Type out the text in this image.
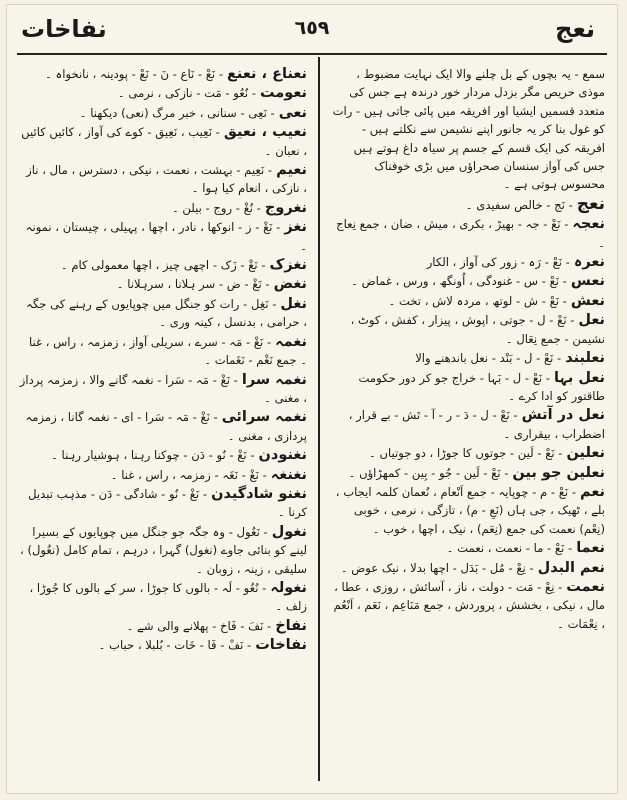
نفاخات	٦٥٩	نعج
سمع - یہ بچوں کے بل چلنے والا ایک نہایت مضبوط ، موذی حریص مگر بزدل مردار خور درندہ ہے جس کی متعدد قسمیں ایشیا اور افریقہ میں پائی جاتی ہیں - رات کو غول بنا کر یہ جانور اپنے نشیمن سے نکلتے ہیں - افریقہ کی ایک قسم کے جسم پر سیاہ داغ ہوتے ہیں جس کی آواز سنسان صحراؤں میں بڑی خوفناک محسوس ہوتی ہے ۔
نعج- نَج - خالص سفیدی ۔
نعجہ- نَعْ - جہ - بھیڑ ، بکری ، میش ، ضان ، جمع نِعاج ۔
نعرہ- نَعْ - رَہ - زور کی آواز ، الکار
نعس- نَعْ - س - غنودگی ، اُونگھ ، ورس ، غماض ۔
نعش- نَعْ - ش - لوتھ ، مردہ لاش ، تخت ۔
نعل- نَعْ - ل - جوتی ، اپوش ، پیزار ، کفش ، کوٹ ، نشیمن - جمع نِعَال ۔
نعلبند- نَعْ - ل - بَنْد - نعل باندھنے والا
نعل بہا- نَعْ - ل - بَہا - خراج جو کر دور حکومت طاقتور کو ادا کرے ۔
نعل در آتش- نَعْ - ل - دَ - ر - آ - تَش - بے قرار ، اضطراب ، بیقراری ۔
نعلین- نَعْ - لَین - جوتوں کا جوڑا ، دو جوتیاں ۔
نعلین جو بین- نَعْ - لَین - جُو - بِین - کمھڑاؤں ۔
نعم- نَعْ - م - چوپایہ - جمع اَنْعام ، نُعمان کلمہ ایجاب ، بلے ، ٹھیک ، جی ہاں (نَعِ - م) ، تازگی ، نرمی ، خوبی (نِعْم) نعمت کی جمع (نِعَم) ، نیک ، اچھا ، خوب ۔
نعما- نَعْ - ما - نعمت ، نعمت ۔
نعم البدل- نِعْ - مُل - بَدَل - اچھا بدلا ، نیک عوض ۔
نعمت- نِعْ - مَت - دولت ، ناز ، آسائش ، روزی ، عطا ، مال ، نیکی ، بخشش ، پروردش ، جمع مَنَاعِم ، نَعَم ، اَنْعُم ، نِعْمَات ۔
نعناع ، نعنع- نَعْ - نَاع - نَ - نَعْ - پودینہ ، نانخواہ ۔
نعومت- نُعُو - مَت - نازکی ، نرمی ۔
نعی- نَعِی - سنانی ، خبر مرگ (نعی) دیکھنا ۔
نعیب ، نعیق- نَعِیب ، نَعِیق - کوے کی آواز ، کائیں کائیں ، نعبان ۔
نعیم- نَعِیم - بہشت ، نعمت ، نیکی ، دسترس ، مال ، ناز ، نازکی ، انعام کیا ہوا ۔
نغروج- نُغْ - روج - بیلن ۔
نغز- نَغْ - ز - انوکھا ، نادر ، اچھا ، پہیلی ، چیستان ، نمونہ ۔
نغزک- نَغْ - زَک - اچھی چیز ، اچھا معمولی کام ۔
نغض- نَغْ - ض - سر ہلانا ، سرہلانا ۔
نغل- نَغِل - رات کو جنگل میں چوپایوں کے رہنے کی جگہ ، حرامی ، بدنسل ، کینہ وری ۔
نغمہ- نَغْ - مَہ - سرے ، سریلی آواز ، زمزمہ ، راس ، غنا ۔ جمع نَغْم - نَغَمات ۔
نغمہ سرا- نَغْ - مَہ - سَرا - نغمہ گانے والا ، زمزمہ پرداز ، مغنی ۔
نغمہ سرائی- نَغْ - مَہ - سَرا - ای - نغمہ گانا ، زمزمہ پردازی ، مغنی ۔
نغنودن- نَغْ - نُو - دَن - چوکنا رہنا ، ہوشیار رہنا ۔
نغنغہ- نَغْ - نَغَہ - زمزمہ ، راس ، غنا ۔
نغنو شادگیدن- نَغْ - نُو - شادگی - دَن - مذہب تبدیل کرنا ۔
نغول- نَغُول - وہ جگہ جو جنگل میں چوپایوں کے بسیرا لینے کو بنائی جاوے (نغول) گہرا ، درہم ، تمام کامل (نغُول) ، سلیقی ، زینہ ، زوبان ۔
نغولہ- نُغُو - لَہ - بالوں کا جوڑا ، سر کے بالوں کا جُوڑا ، زلف ۔
نفاخ- نَفَ - فَاخ - پھلانے والی شے ۔
نفاخات- نَفْ - فَا - خَات - بُلبلا ، حباب ۔
